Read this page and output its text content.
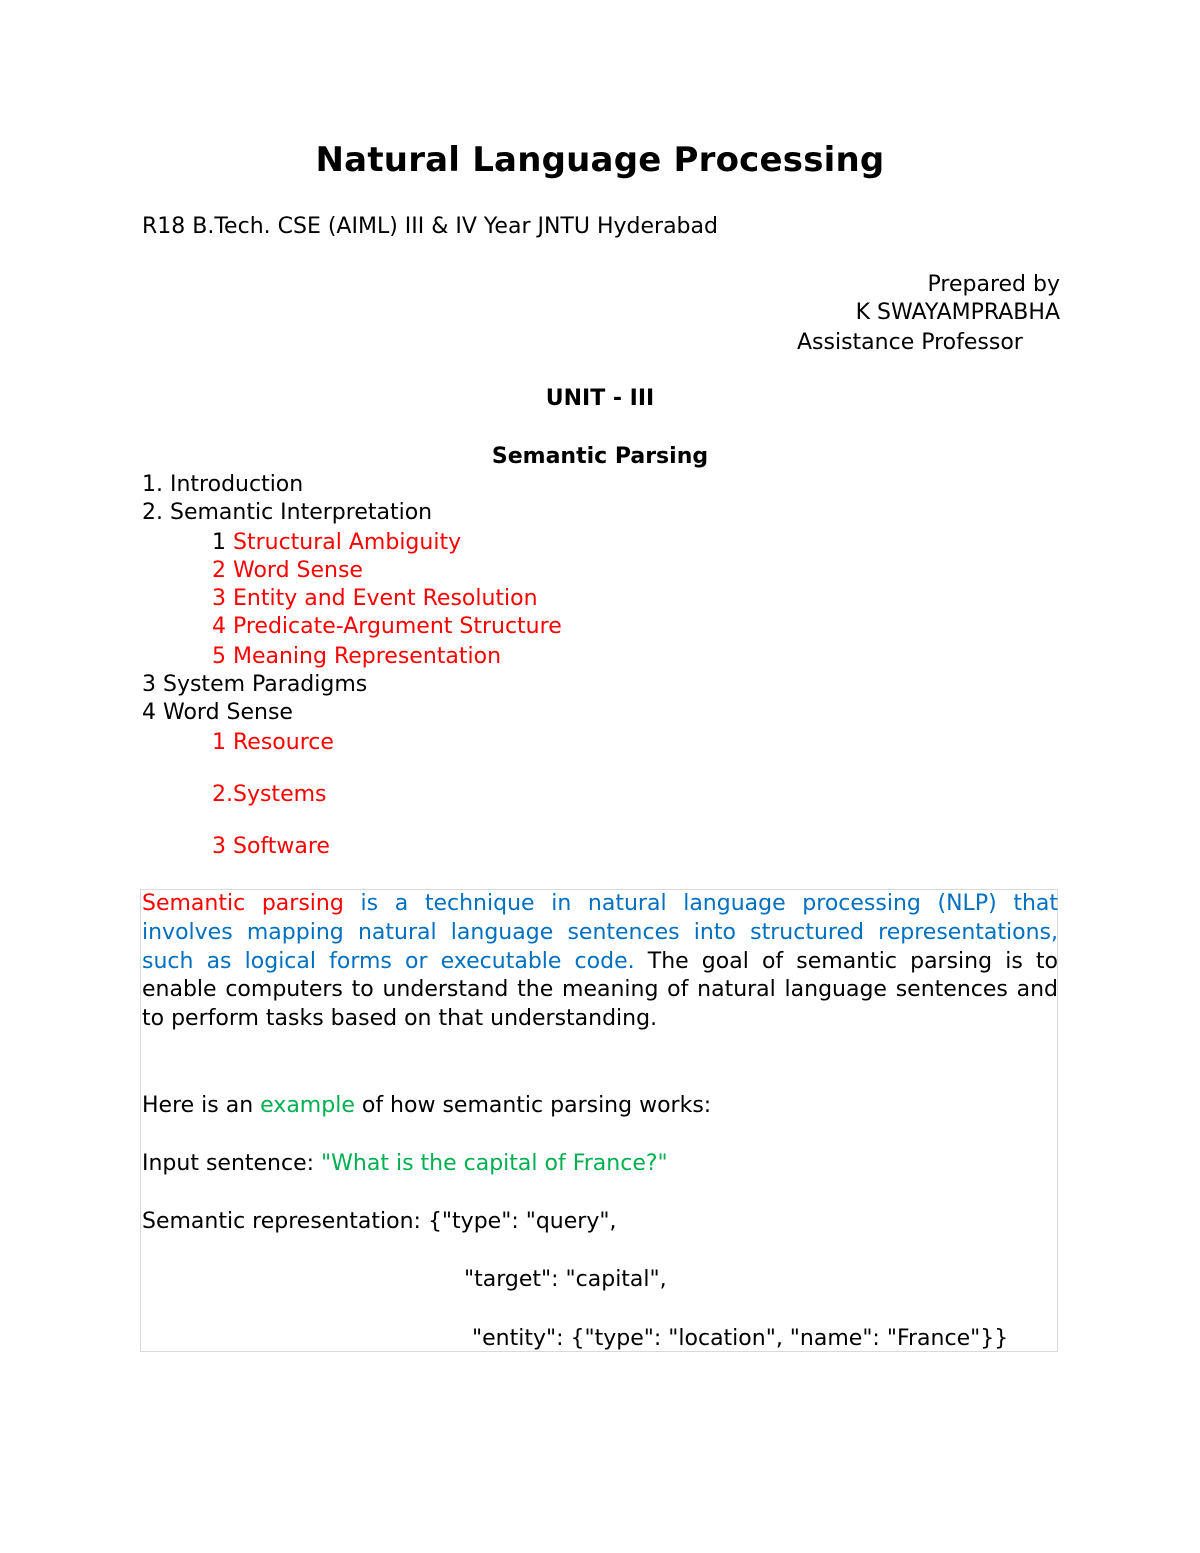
Natural Language Processing
R18 B.Tech. CSE (AIML) III & IV Year JNTU Hyderabad
Prepared by
K SWAYAMPRABHA
Assistance Professor
UNIT - III
Semantic Parsing
1. Introduction
2. Semantic Interpretation
1 Structural Ambiguity
2 Word Sense
3 Entity and Event Resolution
4 Predicate-Argument Structure
5 Meaning Representation
3 System Paradigms
4 Word Sense
1 Resource
2.Systems
3 Software

Semantic parsing is a technique in natural language processing (NLP) that involves mapping natural language sentences into structured representations, such as logical forms or executable code. The goal of semantic parsing is to enable computers to understand the meaning of natural language sentences and to perform tasks based on that understanding.

Here is an example of how semantic parsing works:
Input sentence: "What is the capital of France?"
Semantic representation: {"type": "query",
"target": "capital",
"entity": {"type": "location", "name": "France"}}
